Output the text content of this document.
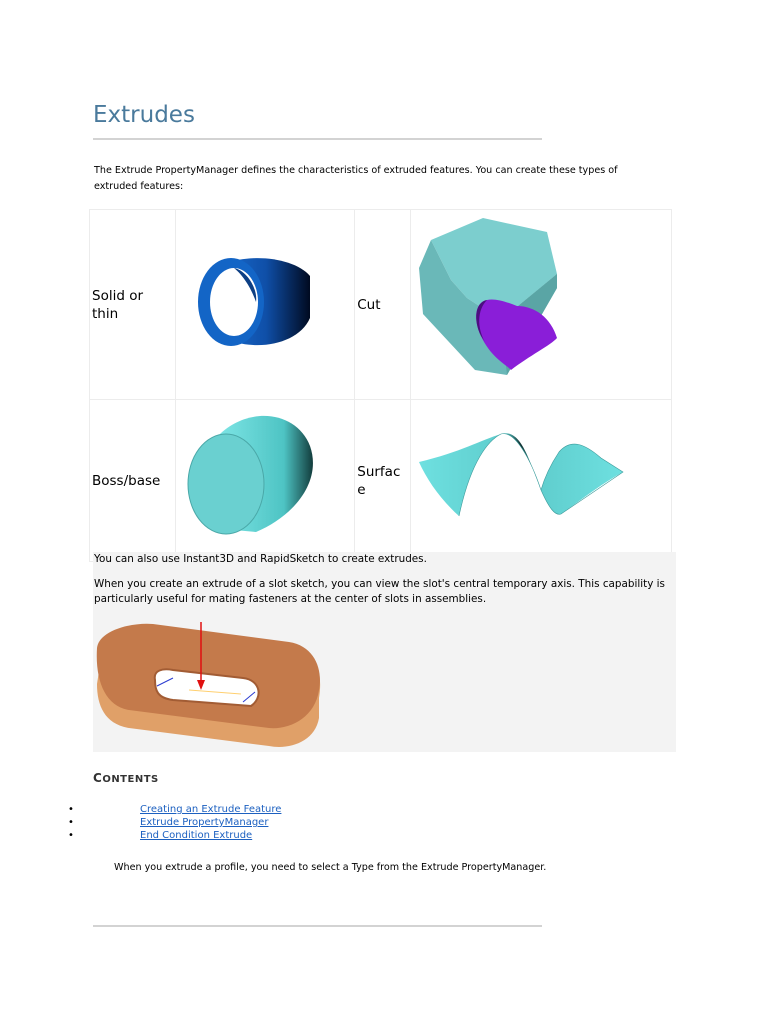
Extrudes
The Extrude PropertyManager defines the characteristics of extruded features. You can create these types of extruded features:
Solid or thin		Cut

Boss/base		Surface

You can also use Instant3D and RapidSketch to create extrudes.

When you create an extrude of a slot sketch, you can view the slot's central temporary axis. This capability is particularly useful for mating fasteners at the center of slots in assemblies.

CONTENTS
•	Creating an Extrude Feature
•	Extrude PropertyManager
•	End Condition Extrude
When you extrude a profile, you need to select a Type from the Extrude PropertyManager.
